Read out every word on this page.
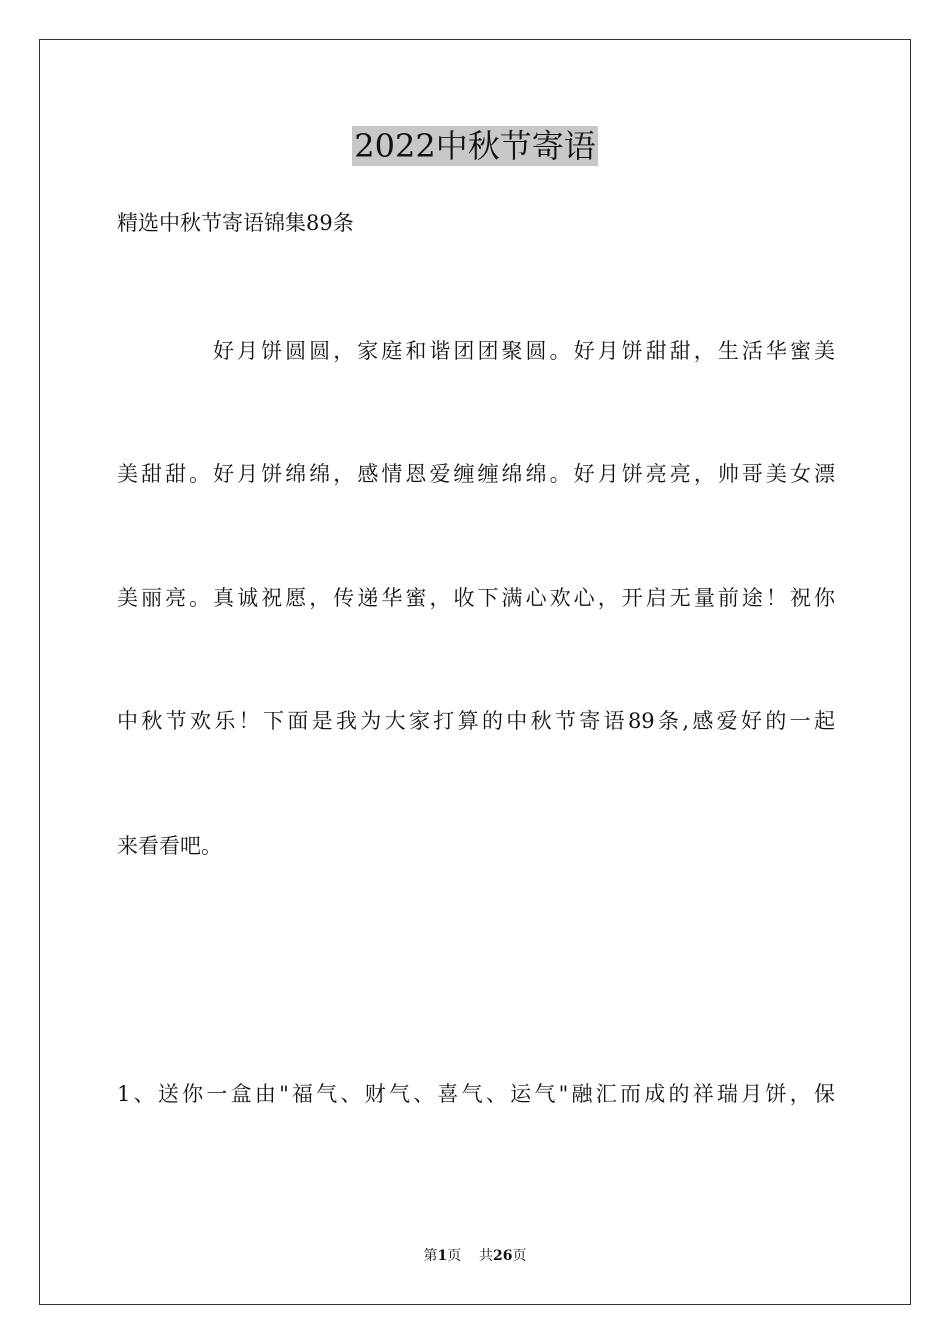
2022中秋节寄语
精选中秋节寄语锦集89条
好月饼圆圆，家庭和谐团团聚圆。好月饼甜甜，生活华蜜美
美甜甜。好月饼绵绵，感情恩爱缠缠绵绵。好月饼亮亮，帅哥美女漂
美丽亮。真诚祝愿，传递华蜜，收下满心欢心，开启无量前途！祝你
中秋节欢乐！下面是我为大家打算的中秋节寄语89条,感爱好的一起
来看看吧。
1、送你一盒由"福气、财气、喜气、运气"融汇而成的祥瑞月饼，保
第1页    共26页
